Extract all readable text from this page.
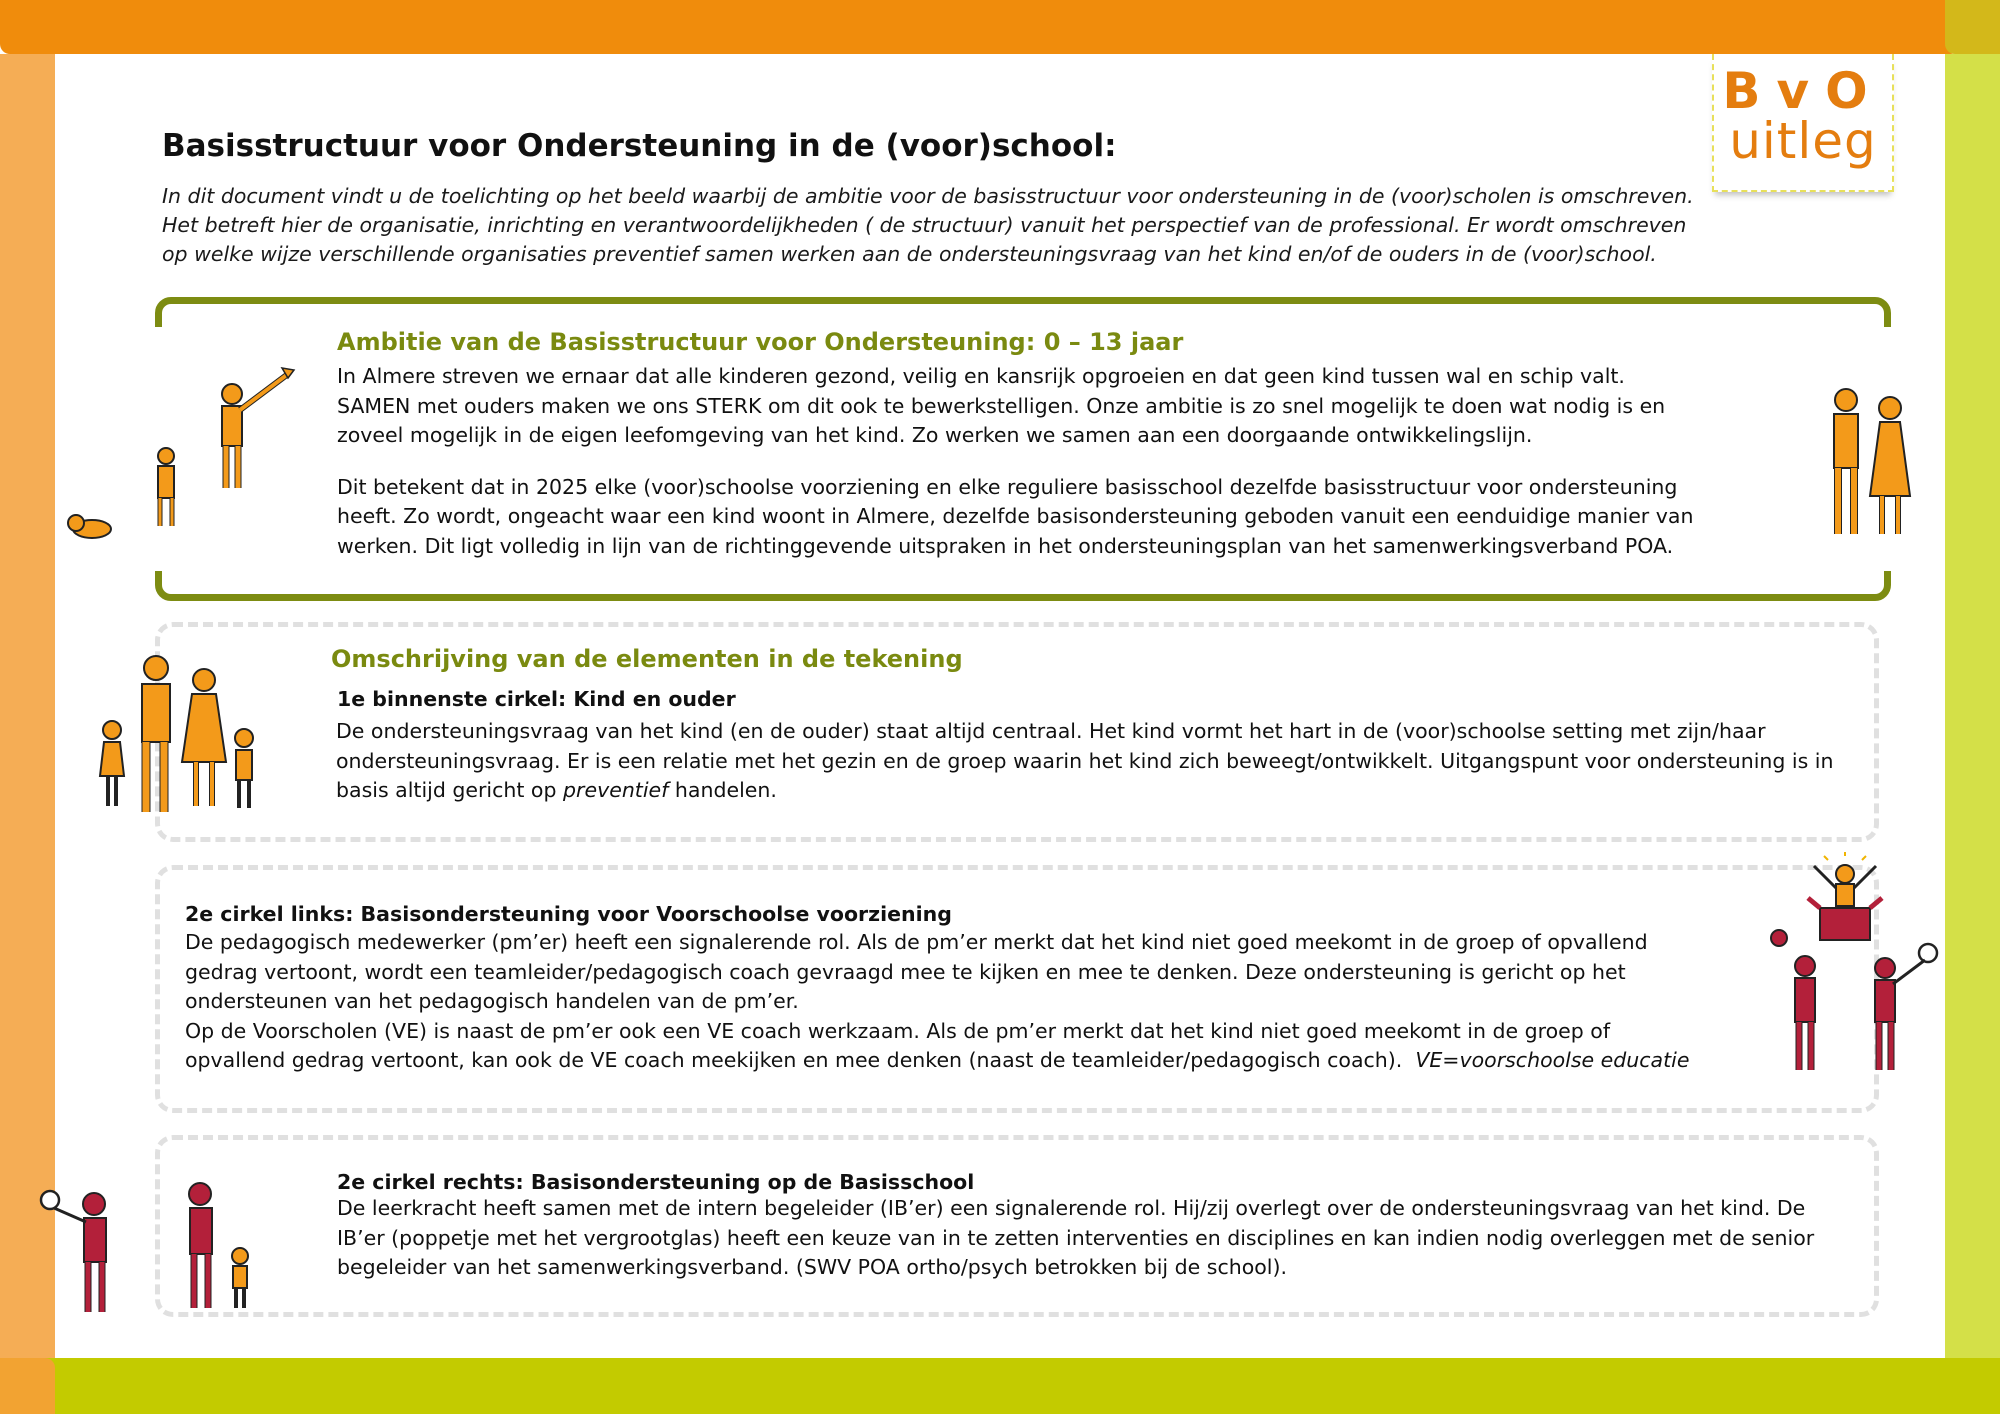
BvO
uitleg
Basisstructuur voor Ondersteuning in de (voor)school:
In dit document vindt u de toelichting op het beeld waarbij de ambitie voor de basisstructuur voor ondersteuning in de (voor)scholen is omschreven.
Het betreft hier de organisatie, inrichting en verantwoordelijkheden ( de structuur) vanuit het perspectief van de professional. Er wordt omschreven
op welke wijze verschillende organisaties preventief samen werken aan de ondersteuningsvraag van het kind en/of de ouders in de (voor)school.
Ambitie van de Basisstructuur voor Ondersteuning: 0 – 13 jaar
In Almere streven we ernaar dat alle kinderen gezond, veilig en kansrijk opgroeien en dat geen kind tussen wal en schip valt.
SAMEN met ouders maken we ons STERK om dit ook te bewerkstelligen. Onze ambitie is zo snel mogelijk te doen wat nodig is en
zoveel mogelijk in de eigen leefomgeving van het kind. Zo werken we samen aan een doorgaande ontwikkelingslijn.
Dit betekent dat in 2025 elke (voor)schoolse voorziening en elke reguliere basisschool dezelfde basisstructuur voor ondersteuning
heeft. Zo wordt, ongeacht waar een kind woont in Almere, dezelfde basisondersteuning geboden vanuit een eenduidige manier van
werken. Dit ligt volledig in lijn van de richtinggevende uitspraken in het ondersteuningsplan van het samenwerkingsverband POA.
Omschrijving van de elementen in de tekening
1e binnenste cirkel: Kind en ouder
De ondersteuningsvraag van het kind (en de ouder) staat altijd centraal. Het kind vormt het hart in de (voor)schoolse setting met zijn/haar
ondersteuningsvraag. Er is een relatie met het gezin en de groep waarin het kind zich beweegt/ontwikkelt. Uitgangspunt voor ondersteuning is in
basis altijd gericht op preventief handelen.
2e cirkel links: Basisondersteuning voor Voorschoolse voorziening
De pedagogisch medewerker (pm’er) heeft een signalerende rol. Als de pm’er merkt dat het kind niet goed meekomt in de groep of opvallend
gedrag vertoont, wordt een teamleider/pedagogisch coach gevraagd mee te kijken en mee te denken. Deze ondersteuning is gericht op het
ondersteunen van het pedagogisch handelen van de pm’er.
Op de Voorscholen (VE) is naast de pm’er ook een VE coach werkzaam. Als de pm’er merkt dat het kind niet goed meekomt in de groep of
opvallend gedrag vertoont, kan ook de VE coach meekijken en mee denken (naast de teamleider/pedagogisch coach). VE=voorschoolse educatie
2e cirkel rechts: Basisondersteuning op de Basisschool
De leerkracht heeft samen met de intern begeleider (IB’er) een signalerende rol. Hij/zij overlegt over de ondersteuningsvraag van het kind. De
IB’er (poppetje met het vergrootglas) heeft een keuze van in te zetten interventies en disciplines en kan indien nodig overleggen met de senior
begeleider van het samenwerkingsverband. (SWV POA ortho/psych betrokken bij de school).
